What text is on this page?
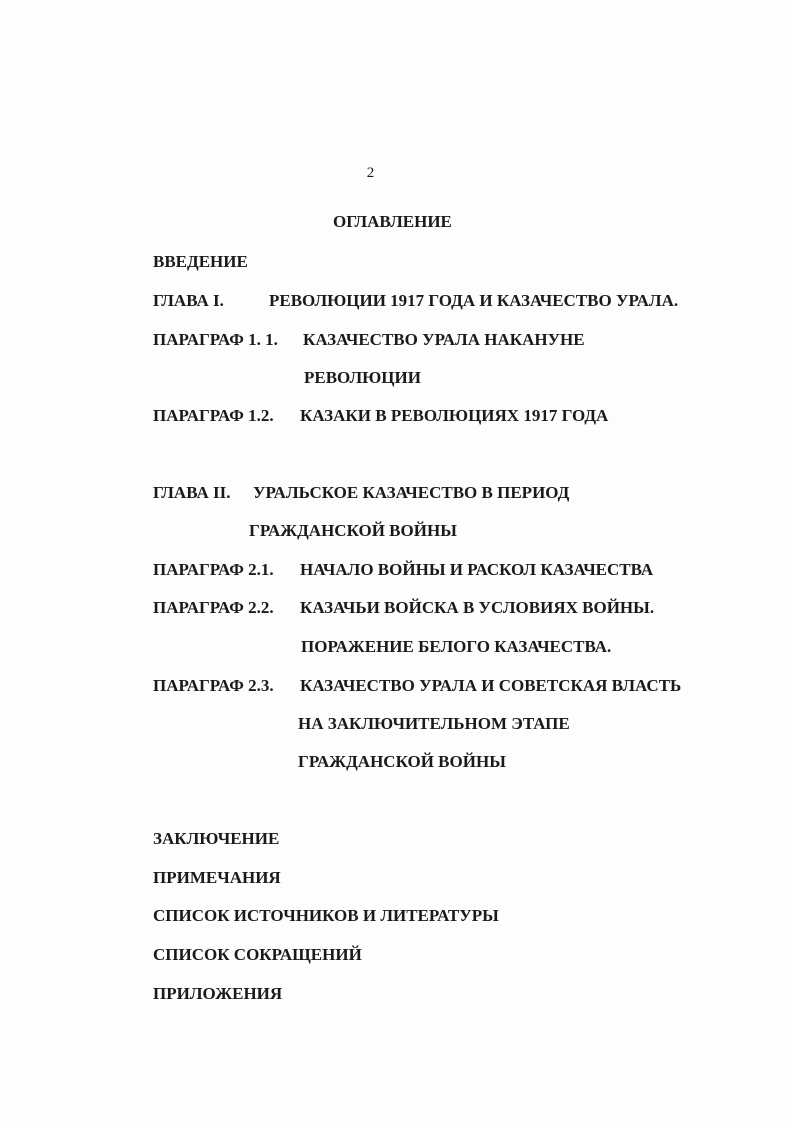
2
ОГЛАВЛЕНИЕ
ВВЕДЕНИЕ
ГЛАВА I.	РЕВОЛЮЦИИ 1917 ГОДА И КАЗАЧЕСТВО УРАЛА.
ПАРАГРАФ 1. 1. КАЗАЧЕСТВО УРАЛА НАКАНУНЕ
РЕВОЛЮЦИИ
ПАРАГРАФ 1.2. КАЗАКИ В РЕВОЛЮЦИЯХ 1917 ГОДА
ГЛАВА II. УРАЛЬСКОЕ КАЗАЧЕСТВО В ПЕРИОД
ГРАЖДАНСКОЙ ВОЙНЫ
ПАРАГРАФ 2.1. НАЧАЛО ВОЙНЫ И РАСКОЛ КАЗАЧЕСТВА
ПАРАГРАФ 2.2. КАЗАЧЬИ ВОЙСКА В УСЛОВИЯХ ВОЙНЫ.
ПОРАЖЕНИЕ БЕЛОГО КАЗАЧЕСТВА.
ПАРАГРАФ 2.3. КАЗАЧЕСТВО УРАЛА И СОВЕТСКАЯ ВЛАСТЬ
НА ЗАКЛЮЧИТЕЛЬНОМ ЭТАПЕ
ГРАЖДАНСКОЙ ВОЙНЫ
ЗАКЛЮЧЕНИЕ
ПРИМЕЧАНИЯ
СПИСОК ИСТОЧНИКОВ И ЛИТЕРАТУРЫ
СПИСОК СОКРАЩЕНИЙ
ПРИЛОЖЕНИЯ
